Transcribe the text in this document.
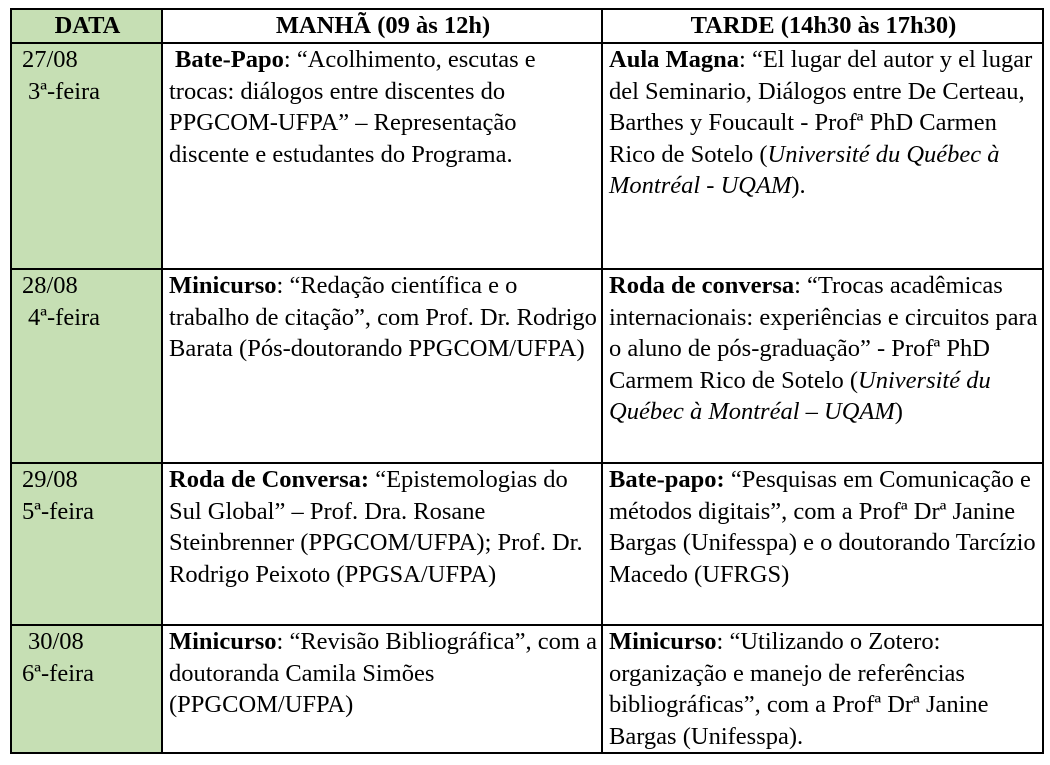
DATA	MANHÃ (09 às 12h)	TARDE (14h30 às 17h30)

27/08
3ª-feira	Bate-Papo: “Acolhimento, escutas e trocas: diálogos entre discentes do PPGCOM-UFPA” – Representação discente e estudantes do Programa.	Aula Magna: “El lugar del autor y el lugar del Seminario, Diálogos entre De Certeau, Barthes y Foucault - Profª PhD Carmen Rico de Sotelo (Université du Québec à Montréal - UQAM).

28/08
4ª-feira	Minicurso: “Redação científica e o trabalho de citação”, com Prof. Dr. Rodrigo Barata (Pós-doutorando PPGCOM/UFPA)	Roda de conversa: “Trocas acadêmicas internacionais: experiências e circuitos para o aluno de pós-graduação” - Profª PhD Carmem Rico de Sotelo (Université du Québec à Montréal – UQAM)

29/08
5ª-feira	Roda de Conversa: “Epistemologias do Sul Global” – Prof. Dra. Rosane Steinbrenner (PPGCOM/UFPA); Prof. Dr. Rodrigo Peixoto (PPGSA/UFPA)	Bate-papo: “Pesquisas em Comunicação e métodos digitais”, com a Profª Drª Janine Bargas (Unifesspa) e o doutorando Tarcízio Macedo (UFRGS)

30/08
6ª-feira	Minicurso: “Revisão Bibliográfica”, com a doutoranda Camila Simões (PPGCOM/UFPA)	Minicurso: “Utilizando o Zotero: organização e manejo de referências bibliográficas”, com a Profª Drª Janine Bargas (Unifesspa).
